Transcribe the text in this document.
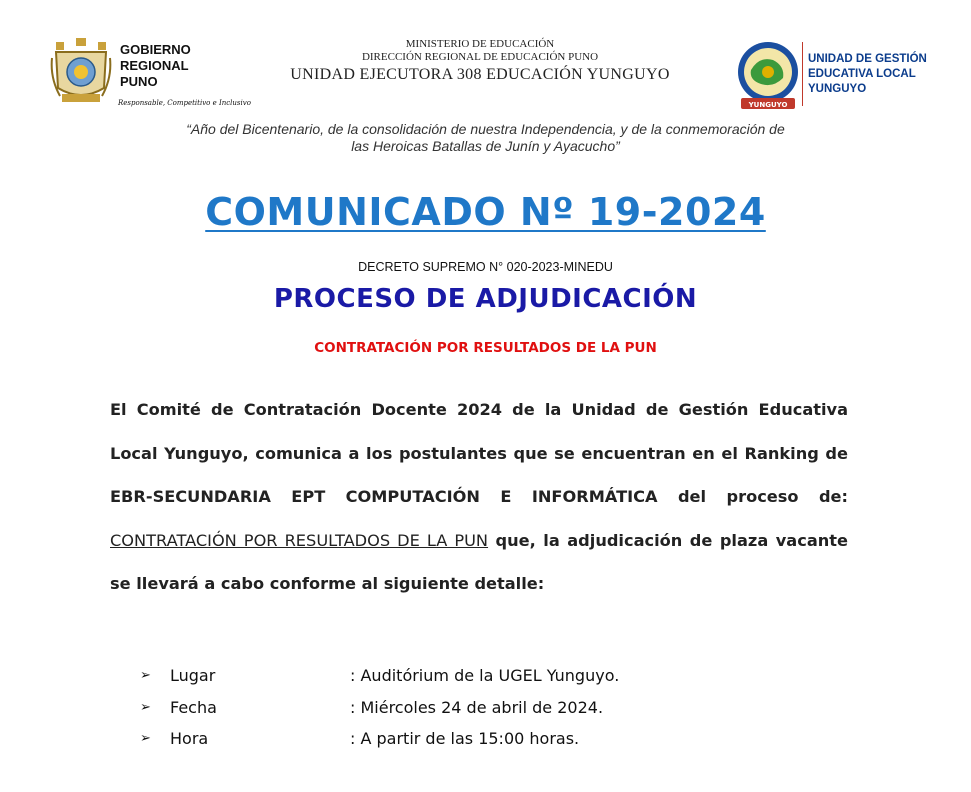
GOBIERNO
REGIONAL
PUNO
Responsable, Competitivo e Inclusivo
MINISTERIO DE EDUCACIÓN
DIRECCIÓN REGIONAL DE EDUCACIÓN PUNO
UNIDAD EJECUTORA 308 EDUCACIÓN YUNGUYO
YUNGUYO
UNIDAD DE GESTIÓN
EDUCATIVA LOCAL
YUNGUYO
“Año del Bicentenario, de la consolidación de nuestra Independencia, y de la conmemoración de
las Heroicas Batallas de Junín y Ayacucho”
COMUNICADO Nº 19-2024
DECRETO SUPREMO N° 020-2023-MINEDU
PROCESO DE ADJUDICACIÓN
CONTRATACIÓN POR RESULTADOS DE LA PUN
El Comité de Contratación Docente 2024 de la Unidad de Gestión Educativa Local Yunguyo, comunica a los postulantes que se encuentran en el Ranking de EBR-SECUNDARIA EPT COMPUTACIÓN E INFORMÁTICA del proceso de: CONTRATACIÓN POR RESULTADOS DE LA PUN que, la adjudicación de plaza vacante se llevará a cabo conforme al siguiente detalle:
➢	Lugar	: Auditórium de la UGEL Yunguyo.
➢	Fecha	: Miércoles 24 de abril de 2024.
➢	Hora	: A partir de las 15:00 horas.
